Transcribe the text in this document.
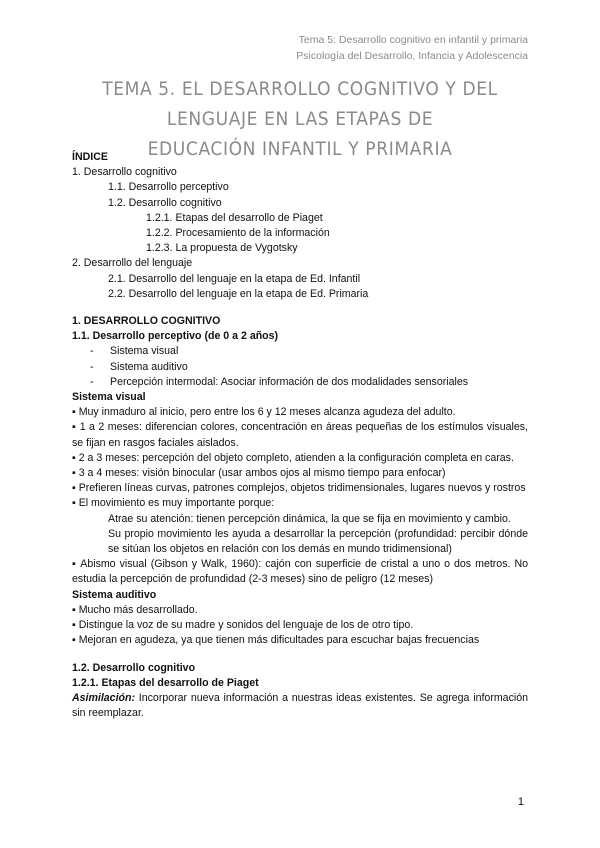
Tema 5: Desarrollo cognitivo en infantil y primaria
Psicología del Desarrollo, Infancia y Adolescencia
TEMA 5. EL DESARROLLO COGNITIVO Y DEL LENGUAJE EN LAS ETAPAS DE
EDUCACIÓN INFANTIL Y PRIMARIA
ÍNDICE
1. Desarrollo cognitivo
1.1. Desarrollo perceptivo
1.2. Desarrollo cognitivo
1.2.1. Etapas del desarrollo de Piaget
1.2.2. Procesamiento de la información
1.2.3. La propuesta de Vygotsky
2. Desarrollo del lenguaje
2.1. Desarrollo del lenguaje en la etapa de Ed. Infantil
2.2. Desarrollo del lenguaje en la etapa de Ed. Primaria
1. DESARROLLO COGNITIVO
1.1. Desarrollo perceptivo (de 0 a 2 años)
-	Sistema visual
-	Sistema auditivo
-	Percepción intermodal: Asociar información de dos modalidades sensoriales
Sistema visual
▪ Muy inmaduro al inicio, pero entre los 6 y 12 meses alcanza agudeza del adulto.
▪ 1 a 2 meses: diferencian colores, concentración en áreas pequeñas de los estímulos visuales, se fijan en rasgos faciales aislados.
▪ 2 a 3 meses: percepción del objeto completo, atienden a la configuración completa en caras.
▪ 3 a 4 meses: visión binocular (usar ambos ojos al mismo tiempo para enfocar)
▪ Prefieren líneas curvas, patrones complejos, objetos tridimensionales, lugares nuevos y rostros
▪ El movimiento es muy importante porque:
Atrae su atención: tienen percepción dinámica, la que se fija en movimiento y cambio.
Su propio movimiento les ayuda a desarrollar la percepción (profundidad: percibir dónde se sitúan los objetos en relación con los demás en mundo tridimensional)
▪ Abismo visual (Gibson y Walk, 1960): cajón con superficie de cristal a uno o dos metros. No estudia la percepción de profundidad (2-3 meses) sino de peligro (12 meses)
Sistema auditivo
▪ Mucho más desarrollado.
▪ Distingue la voz de su madre y sonidos del lenguaje de los de otro tipo.
▪ Mejoran en agudeza, ya que tienen más dificultades para escuchar bajas frecuencias
1.2. Desarrollo cognitivo
1.2.1. Etapas del desarrollo de Piaget
Asimilación: Incorporar nueva información a nuestras ideas existentes. Se agrega información sin reemplazar.
1
